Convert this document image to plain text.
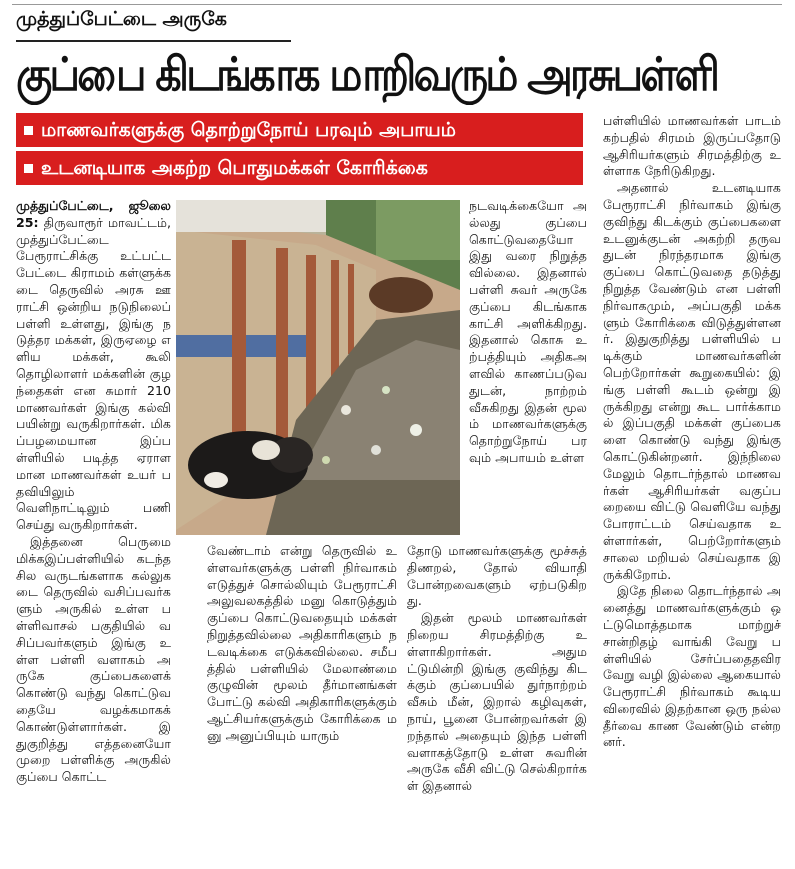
முத்துப்பேட்டை அருகே
குப்பை கிடங்காக மாறிவரும் அரசுபள்ளி
மாணவர்களுக்கு தொற்றுநோய் பரவும் அபாயம்
உடனடியாக அகற்ற பொதுமக்கள் கோரிக்கை

முத்துப்பேட்டை, ஜூலை 25: திருவாரூர் மாவட்டம், முத்துப்பேட்டை பேரூராட்சிக்கு உட்பட்ட பேட்டை கிராமம் கள்ளுக்கடை தெருவில் அரசு ஊராட்சி ஒன்றிய நடுநிலைப் பள்ளி உள்ளது, இங்கு நடுத்தர மக்கள், இருஏழை எளிய மக்கள், கூலி தொழிலாளர் மக்களின் குழந்தைகள் என சுமார் 210 மாணவர்கள் இங்கு கல்வி பயின்று வருகிறார்கள். மிகப்பழமையான இப்பள்ளியில் படித்த ஏராளமான மாணவர்கள் உயர் பதவியிலும் வெளிநாட்டிலும் பணி செய்து வருகிறார்கள்.

இத்தனை பெருமை மிக்கஇப்பள்ளியில் கடந்த சில வருடங்களாக கல்லுகடை தெருவில் வசிப்பவர்களும் அருகில் உள்ள பள்ளிவாசல் பகுதியில் வசிப்பவர்களும் இங்கு உள்ள பள்ளி வளாகம் அருகே குப்பைகளைக் கொண்டு வந்து கொட்டுவதையே வழக்கமாகக் கொண்டுள்ளார்கள். இதுகுறித்து எத்தனையோ முறை பள்ளிக்கு அருகில் குப்பை கொட்ட

வேண்டாம் என்று தெருவில் உள்ளவர்களுக்கு பள்ளி நிர்வாகம் எடுத்துச் சொல்லியும் பேரூராட்சி அலுவலகத்தில் மனு கொடுத்தும் குப்பை கொட்டுவதையும் மக்கள் நிறுத்தவில்லை அதிகாரிகளும் நடவடிக்கை எடுக்கவில்லை. சமீபத்தில் பள்ளியில் மேலாண்மை குழுவின் மூலம் தீர்மானங்கள் போட்டு கல்வி அதிகாரிகளுக்கும் ஆட்சியர்களுக்கும் கோரிக்கை மனு அனுப்பியும் யாரும்

நடவடிக்கையோ அல்லது குப்பை கொட்டுவதையோ இது வரை நிறுத்தவில்லை. இதனால் பள்ளி சுவர் அருகே குப்பை கிடங்காக காட்சி அளிக்கிறது. இதனால் கொசு உற்பத்தியும் அதிகஅளவில் காணப்படுவதுடன், நாற்றம் வீசுகிறது இதன் மூலம் மாணவர்களுக்கு தொற்றுநோய் பரவும் அபாயம் உள்ள

தோடு மாணவர்களுக்கு மூச்சுத் திணறல், தோல் வியாதி போன்றவைகளும் ஏற்படுகிறது.

இதன் மூலம் மாணவர்கள் நிறைய சிரமத்திற்கு உள்ளாகிறார்கள். அதுமட்டுமின்றி இங்கு குவிந்து கிடக்கும் குப்பையில் துர்நாற்றம் வீசும் மீன், இறால் கழிவுகள், நாய், பூனை போன்றவர்கள் இறந்தால் அதையும் இந்த பள்ளி வளாகத்தோடு உள்ள சுவரின் அருகே வீசி விட்டு செல்கிறார்கள் இதனால்

பள்ளியில் மாணவர்கள் பாடம் கற்பதில் சிரமம் இருப்பதோடு ஆசிரியர்களும் சிரமத்திற்கு உள்ளாக நேரிடுகிறது.

அதனால் உடனடியாக பேரூராட்சி நிர்வாகம் இங்கு குவிந்து கிடக்கும் குப்பைகளை உடனுக்குடன் அகற்றி தருவதுடன் நிரந்தரமாக இங்கு குப்பை கொட்டுவதை தடுத்து நிறுத்த வேண்டும் என பள்ளி நிர்வாகமும், அப்பகுதி மக்களும் கோரிக்கை விடுத்துள்ளனர். இதுகுறித்து பள்ளியில் படிக்கும் மாணவர்களின் பெற்றோர்கள் கூறுகையில்: இங்கு பள்ளி கூடம் ஒன்று இருக்கிறது என்று கூட பார்க்காமல் இப்பகுதி மக்கள் குப்பைகளை கொண்டு வந்து இங்கு கொட்டுகின்றனர். இந்நிலை மேலும் தொடர்ந்தால் மாணவர்கள் ஆசிரியர்கள் வகுப்பறையை விட்டு வெளியே வந்து போராட்டம் செய்வதாக உள்ளார்கள், பெற்றோர்களும் சாலை மறியல் செய்வதாக இருக்கிறோம்.

இதே நிலை தொடர்ந்தால் அனைத்து மாணவர்களுக்கும் ஒட்டுமொத்தமாக மாற்றுச் சான்றிதழ் வாங்கி வேறு பள்ளியில் சேர்ப்பதைதவிர வேறு வழி இல்லை ஆகையால் பேரூராட்சி நிர்வாகம் கூடிய விரைவில் இதற்கான ஒரு நல்ல தீர்வை காண வேண்டும் என்றனர்.
